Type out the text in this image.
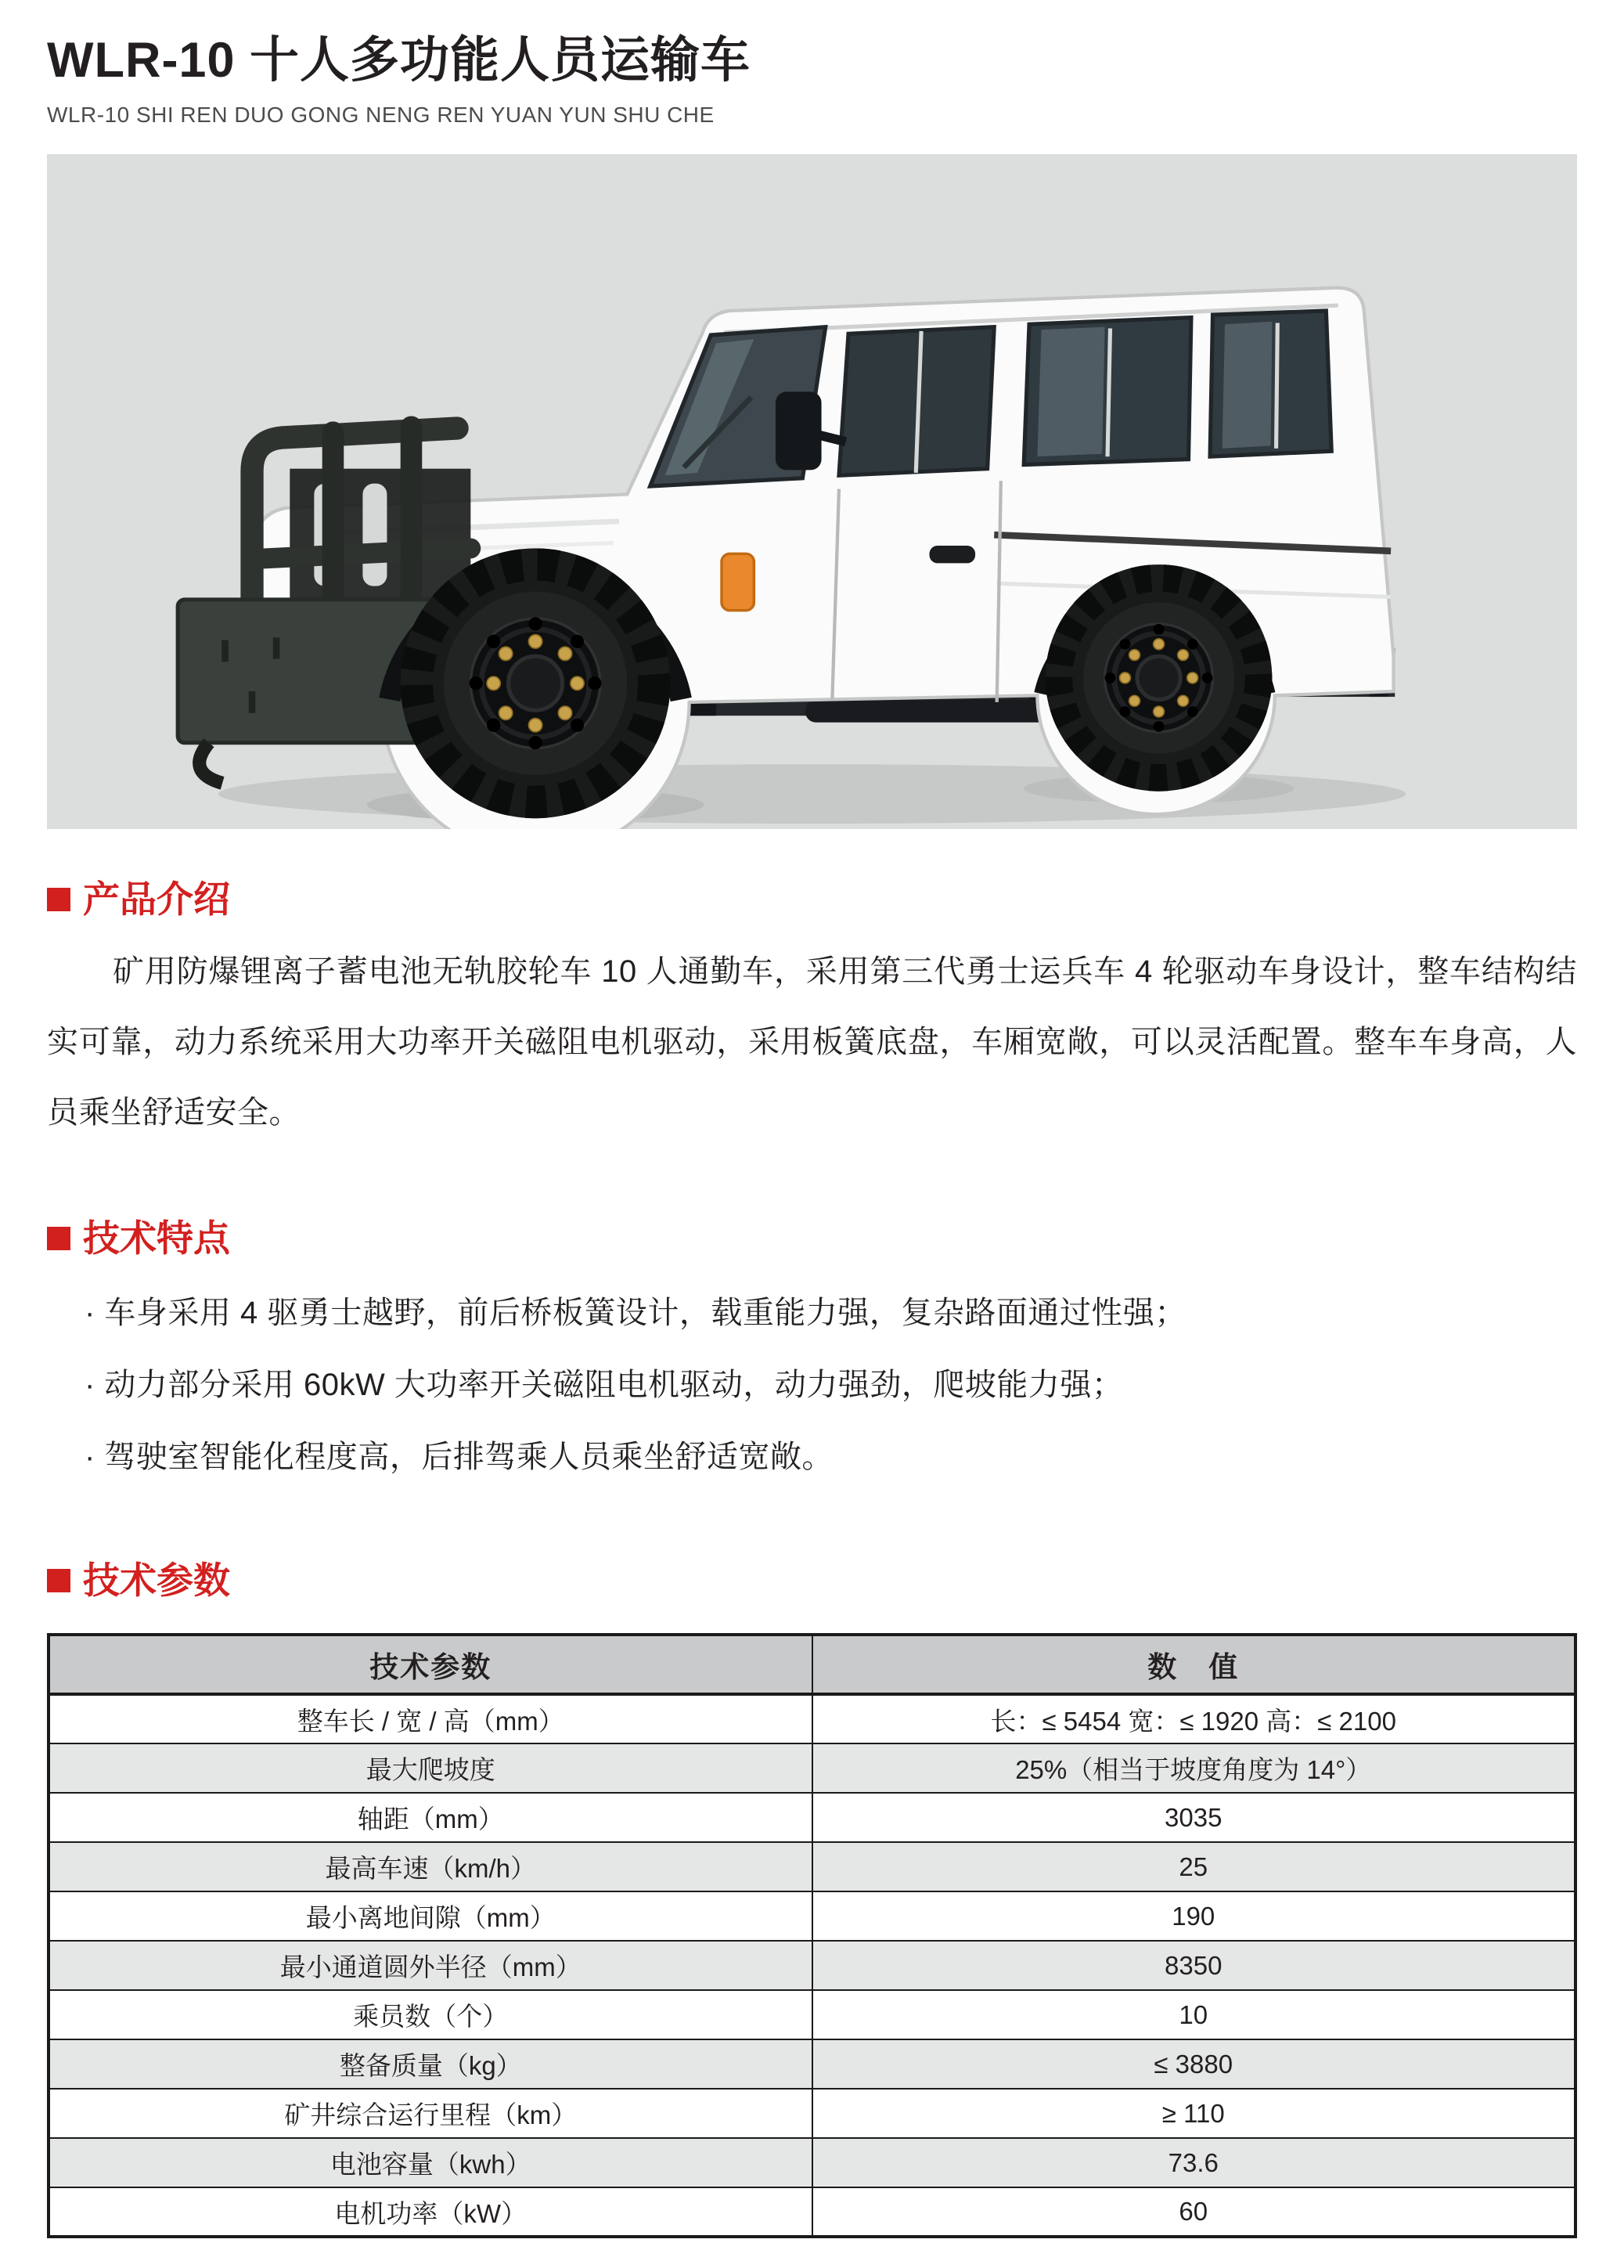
WLR-10 十人多功能人员运输车
WLR-10 SHI REN DUO GONG NENG REN YUAN YUN SHU CHE
产品介绍

矿用防爆锂离子蓄电池无轨胶轮车 10 人通勤车，采用第三代勇士运兵车 4 轮驱动车身设计，整车结构结实可靠，动力系统采用大功率开关磁阻电机驱动，采用板簧底盘，车厢宽敞，可以灵活配置。整车车身高，人员乘坐舒适安全。

技术特点
· 车身采用 4 驱勇士越野，前后桥板簧设计，载重能力强，复杂路面通过性强；
· 动力部分采用 60kW 大功率开关磁阻电机驱动，动力强劲，爬坡能力强；
· 驾驶室智能化程度高，后排驾乘人员乘坐舒适宽敞。
技术参数
技术参数	数　值
整车长 / 宽 / 高（mm）	长：≤ 5454 宽：≤ 1920 高：≤ 2100
最大爬坡度	25%（相当于坡度角度为 14°）
轴距（mm）	3035
最高车速（km/h）	25
最小离地间隙（mm）	190
最小通道圆外半径（mm）	8350
乘员数（个）	10
整备质量（kg）	≤ 3880
矿井综合运行里程（km）	≥ 110
电池容量（kwh）	73.6
电机功率（kW）	60
